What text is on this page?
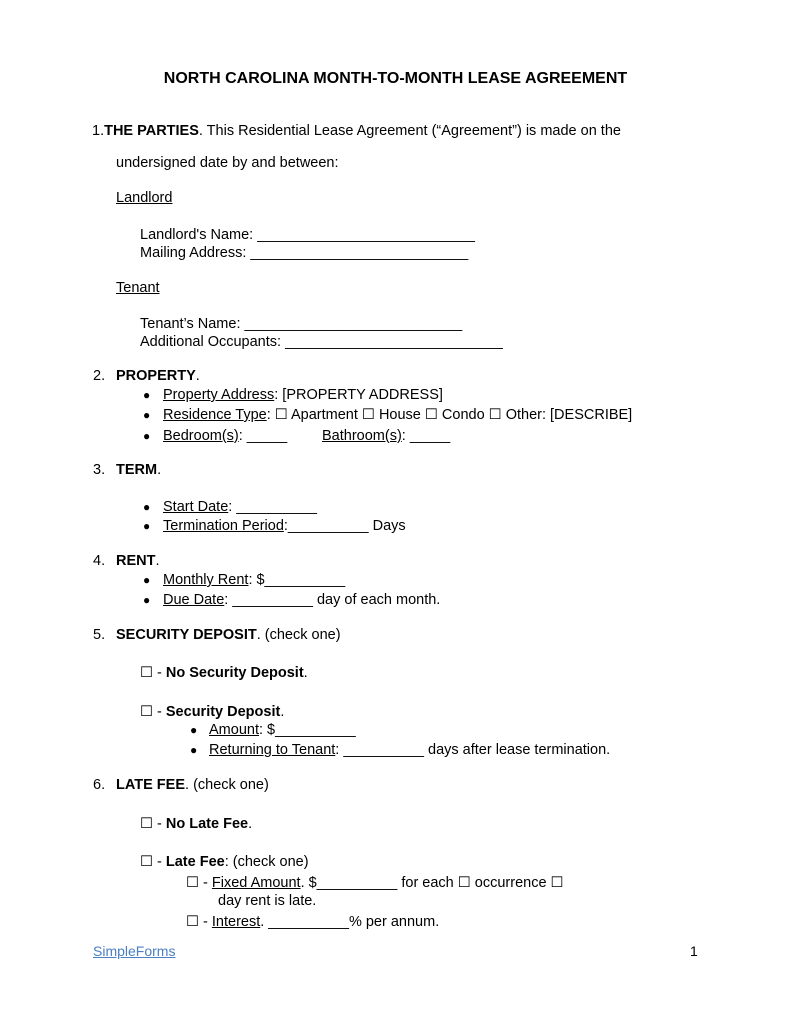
NORTH CAROLINA MONTH-TO-MONTH LEASE AGREEMENT
1.THE PARTIES. This Residential Lease Agreement (“Agreement”) is made on the
undersigned date by and between:
Landlord
Landlord's Name: ___________________________
Mailing Address: ___________________________
Tenant
Tenant’s Name: ___________________________
Additional Occupants: ___________________________
2. PROPERTY.
● Property Address: [PROPERTY ADDRESS]
● Residence Type: ☐ Apartment ☐ House ☐ Condo ☐ Other: [DESCRIBE]
● Bedroom(s): _____ Bathroom(s): _____
3. TERM.
● Start Date: __________
● Termination Period:__________ Days
4. RENT.
● Monthly Rent: $__________
● Due Date: __________ day of each month.
5. SECURITY DEPOSIT. (check one)
☐ - No Security Deposit.
☐ - Security Deposit.
● Amount: $__________
● Returning to Tenant: __________ days after lease termination.
6. LATE FEE. (check one)
☐ - No Late Fee.
☐ - Late Fee: (check one)
☐ - Fixed Amount. $__________ for each ☐ occurrence ☐
day rent is late.
☐ - Interest. __________% per annum.
SimpleForms	1
